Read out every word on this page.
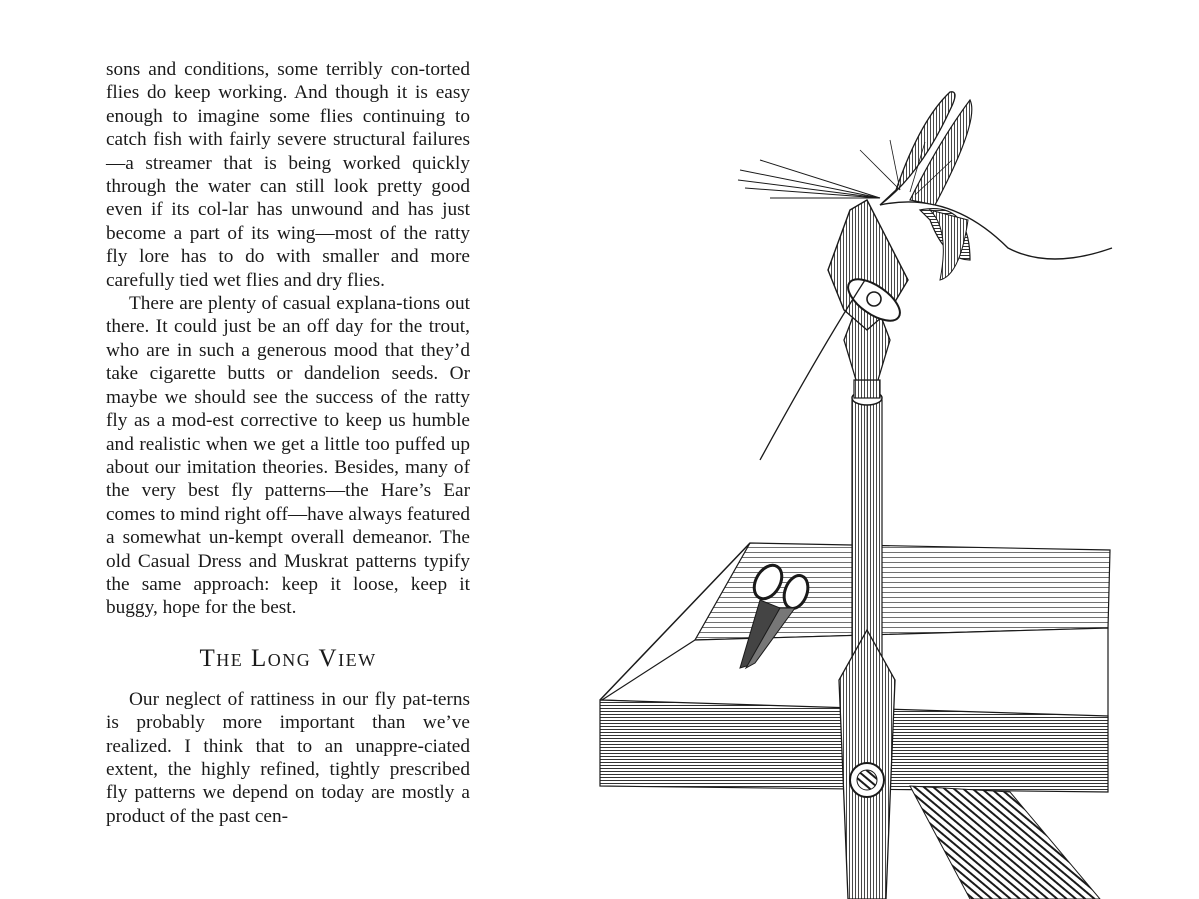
sons and conditions, some terribly con-torted flies do keep working. And though it is easy enough to imagine some flies continuing to catch fish with fairly severe structural failures—a streamer that is being worked quickly through the water can still look pretty good even if its col-lar has unwound and has just become a part of its wing—most of the ratty fly lore has to do with smaller and more carefully tied wet flies and dry flies.

There are plenty of casual explana-tions out there. It could just be an off day for the trout, who are in such a generous mood that they’d take cigarette butts or dandelion seeds. Or maybe we should see the success of the ratty fly as a mod-est corrective to keep us humble and realistic when we get a little too puffed up about our imitation theories. Besides, many of the very best fly patterns—the Hare’s Ear comes to mind right off—have always featured a somewhat un-kempt overall demeanor. The old Casual Dress and Muskrat patterns typify the same approach: keep it loose, keep it buggy, hope for the best.

The Long View

Our neglect of rattiness in our fly pat-terns is probably more important than we’ve realized. I think that to an unappre-ciated extent, the highly refined, tightly prescribed fly patterns we depend on today are mostly a product of the past cen-
